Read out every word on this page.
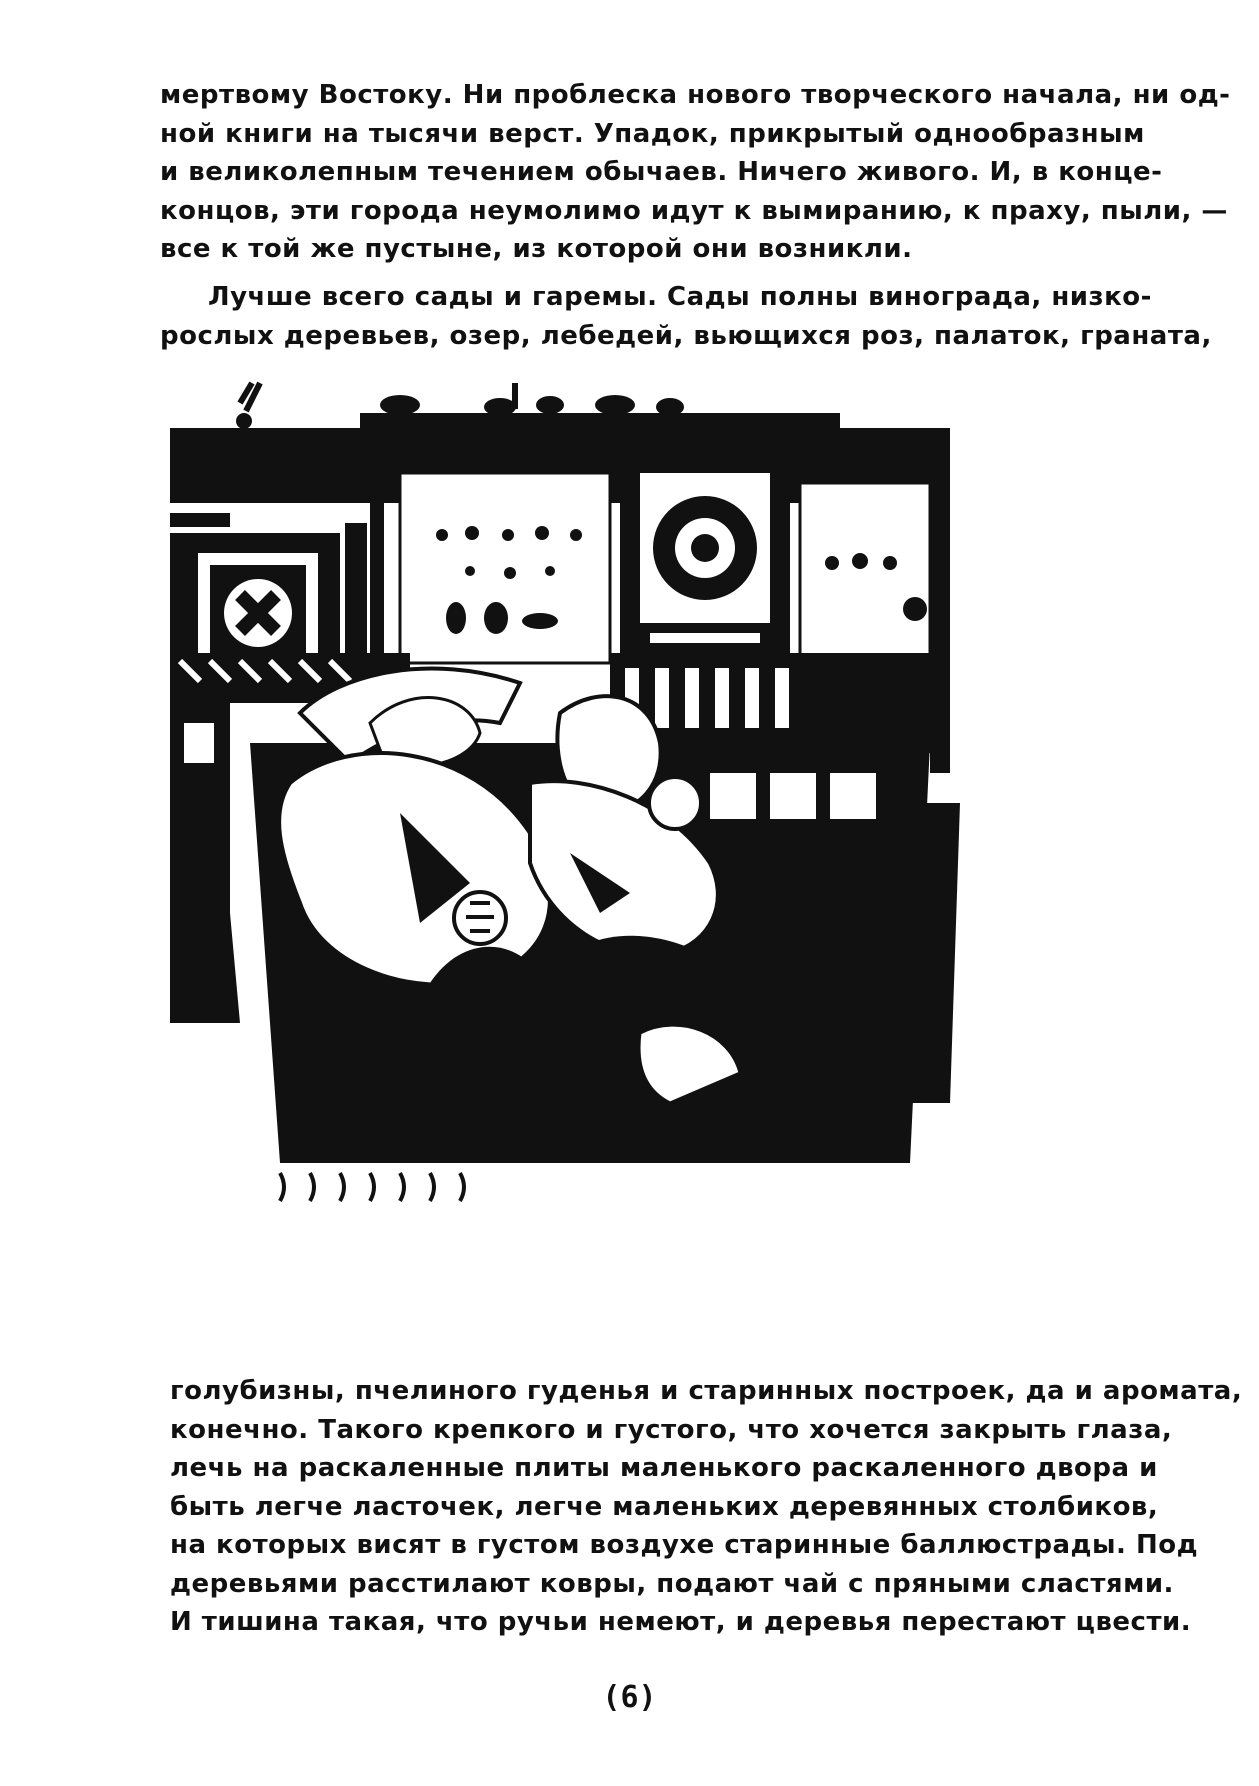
мертвому Востоку. Ни проблеска нового творческого начала, ни од-
ной книги на тысячи верст. Упадок, прикрытый однообразным
и великолепным течением обычаев. Ничего живого. И, в конце-
концов, эти города неумолимо идут к вымиранию, к праху, пыли, —
все к той же пустыне, из которой они возникли.
Лучше всего сады и гаремы. Сады полны винограда, низко-
рослых деревьев, озер, лебедей, вьющихся роз, палаток, граната,
голубизны, пчелиного гуденья и старинных построек, да и аромата,
конечно. Такого крепкого и густого, что хочется закрыть глаза,
лечь на раскаленные плиты маленького раскаленного двора и
быть легче ласточек, легче маленьких деревянных столбиков,
на которых висят в густом воздухе старинные баллюстрады. Под
деревьями расстилают ковры, подают чай с пряными сластями.
И тишина такая, что ручьи немеют, и деревья перестают цвести.
(6)
